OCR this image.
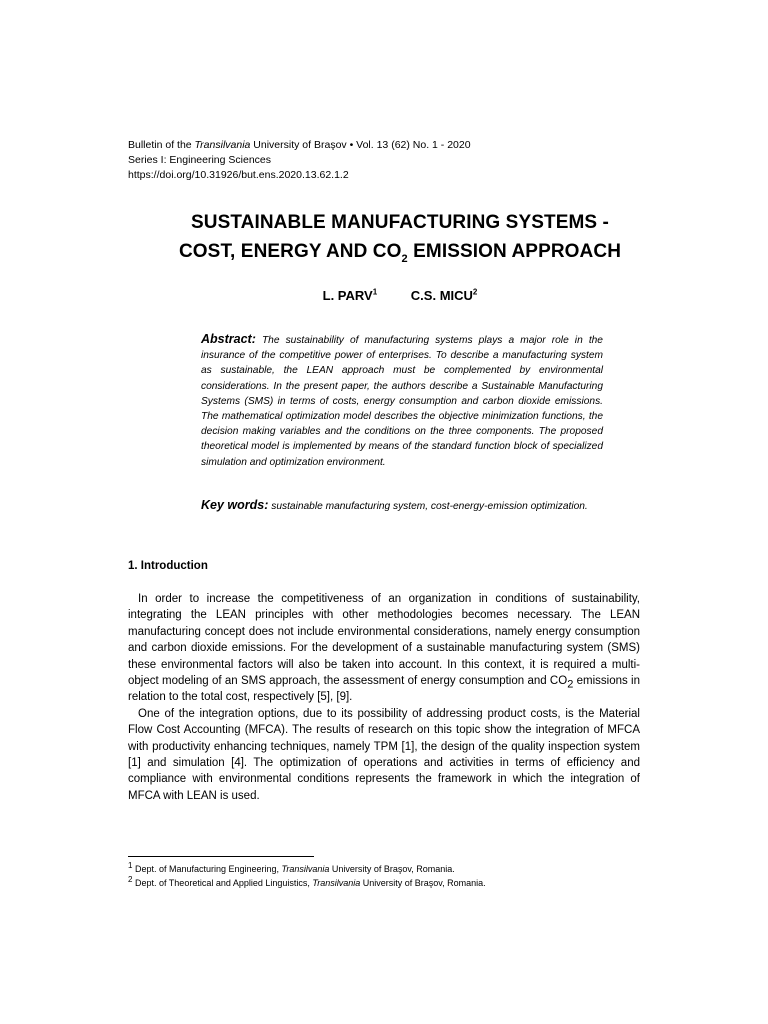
Bulletin of the Transilvania University of Braşov • Vol. 13 (62) No. 1 - 2020
Series I: Engineering Sciences
https://doi.org/10.31926/but.ens.2020.13.62.1.2
SUSTAINABLE MANUFACTURING SYSTEMS -
COST, ENERGY AND $CO_2$ EMISSION APPROACH
L. PARV$^1$	C.S. MICU$^2$
Abstract: The sustainability of manufacturing systems plays a major role in the insurance of the competitive power of enterprises. To describe a manufacturing system as sustainable, the LEAN approach must be complemented by environmental considerations. In the present paper, the authors describe a Sustainable Manufacturing Systems (SMS) in terms of costs, energy consumption and carbon dioxide emissions. The mathematical optimization model describes the objective minimization functions, the decision making variables and the conditions on the three components. The proposed theoretical model is implemented by means of the standard function block of specialized simulation and optimization environment.
Key words: sustainable manufacturing system, cost-energy-emission optimization.
1. Introduction

In order to increase the competitiveness of an organization in conditions of sustainability, integrating the LEAN principles with other methodologies becomes necessary. The LEAN manufacturing concept does not include environmental considerations, namely energy consumption and carbon dioxide emissions. For the development of a sustainable manufacturing system (SMS) these environmental factors will also be taken into account. In this context, it is required a multi-object modeling of an SMS approach, the assessment of energy consumption and $CO_2$ emissions in relation to the total cost, respectively [5], [9].

One of the integration options, due to its possibility of addressing product costs, is the Material Flow Cost Accounting (MFCA). The results of research on this topic show the integration of MFCA with productivity enhancing techniques, namely TPM [1], the design of the quality inspection system [1] and simulation [4]. The optimization of operations and activities in terms of efficiency and compliance with environmental conditions represents the framework in which the integration of MFCA with LEAN is used.

$^1$ Dept. of Manufacturing Engineering, Transilvania University of Braşov, Romania.
$^2$ Dept. of Theoretical and Applied Linguistics, Transilvania University of Braşov, Romania.
